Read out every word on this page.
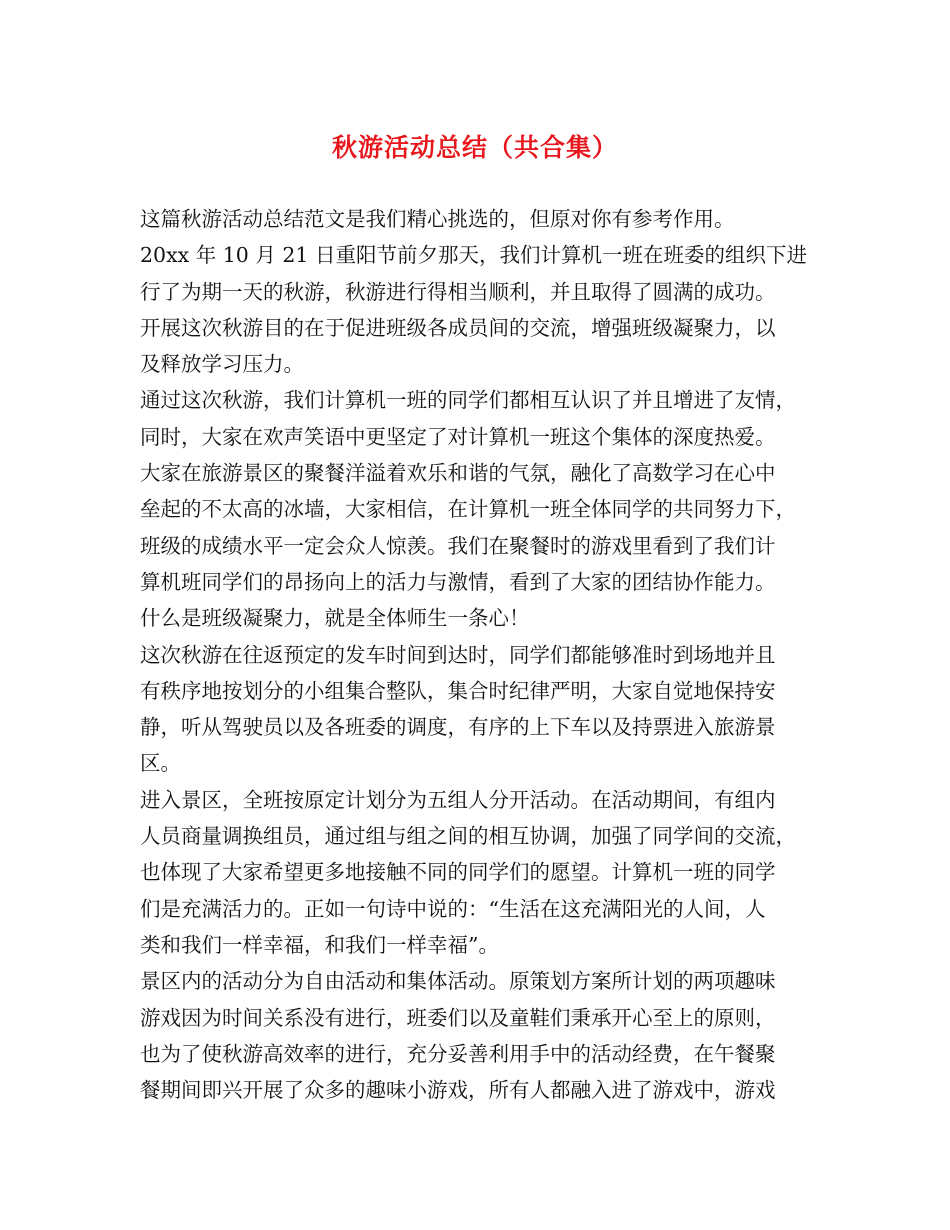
秋游活动总结（共合集）

这篇秋游活动总结范文是我们精心挑选的，但原对你有参考作用。

20xx 年 10 月 21 日重阳节前夕那天，我们计算机一班在班委的组织下进

行了为期一天的秋游，秋游进行得相当顺利，并且取得了圆满的成功。

开展这次秋游目的在于促进班级各成员间的交流，增强班级凝聚力，以

及释放学习压力。

通过这次秋游，我们计算机一班的同学们都相互认识了并且增进了友情，

同时，大家在欢声笑语中更坚定了对计算机一班这个集体的深度热爱。

大家在旅游景区的聚餐洋溢着欢乐和谐的气氛，融化了高数学习在心中

垒起的不太高的冰墙，大家相信，在计算机一班全体同学的共同努力下，

班级的成绩水平一定会众人惊羡。我们在聚餐时的游戏里看到了我们计

算机班同学们的昂扬向上的活力与激情，看到了大家的团结协作能力。

什么是班级凝聚力，就是全体师生一条心！

这次秋游在往返预定的发车时间到达时，同学们都能够准时到场地并且

有秩序地按划分的小组集合整队，集合时纪律严明，大家自觉地保持安

静，听从驾驶员以及各班委的调度，有序的上下车以及持票进入旅游景

区。

进入景区，全班按原定计划分为五组人分开活动。在活动期间，有组内

人员商量调换组员，通过组与组之间的相互协调，加强了同学间的交流，

也体现了大家希望更多地接触不同的同学们的愿望。计算机一班的同学

们是充满活力的。正如一句诗中说的：“生活在这充满阳光的人间，人

类和我们一样幸福，和我们一样幸福”。

景区内的活动分为自由活动和集体活动。原策划方案所计划的两项趣味

游戏因为时间关系没有进行，班委们以及童鞋们秉承开心至上的原则，

也为了使秋游高效率的进行，充分妥善利用手中的活动经费，在午餐聚

餐期间即兴开展了众多的趣味小游戏，所有人都融入进了游戏中，游戏
